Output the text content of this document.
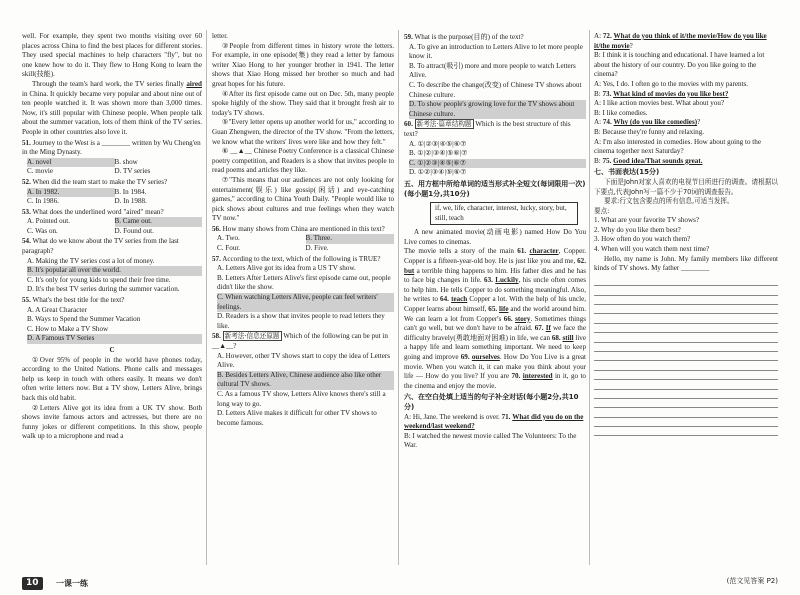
well. For example, they spent two months visiting over 60 places across China to find the best places for different stories. They used special machines to help characters "fly", but no one knew how to do it. They flew to Hong Kong to learn the skill(技能).

Through the team's hard work, the TV series finally aired in China. It quickly became very popular and about nine out of ten people watched it. It was shown more than 3,000 times. Now, it's still popular with Chinese people. When people talk about the summer vacation, lots of them think of the TV series. People in other countries also love it.

51. Journey to the West is a ________ written by Wu Cheng'en in the Ming Dynasty.

A. novel	B. show
C. movie	D. TV series

52. When did the team start to make the TV series?

A. In 1982.	B. In 1984.
C. In 1986.	D. In 1988.

53. What does the underlined word "aired" mean?

A. Pointed out.	B. Came out.
C. Was on.	D. Found out.

54. What do we know about the TV series from the last paragraph?

A. Making the TV series cost a lot of money.
B. It's popular all over the world.
C. It's only for young kids to spend their free time.
D. It's the best TV series during the summer vacation.

55. What's the best title for the text?

A. A Great Character
B. Ways to Spend the Summer Vacation
C. How to Make a TV Show
D. A Famous TV Series

C

①Over 95% of people in the world have phones today, according to the United Nations. Phone calls and messages help us keep in touch with others easily. It means we don't often write letters now. But a TV show, Letters Alive, brings back this old habit.

②Letters Alive got its idea from a UK TV show. Both shows invite famous actors and actresses, but there are no funny jokes or different competitions. In this show, people walk up to a microphone and read a

letter.

③People from different times in history wrote the letters. For example, in one episode(集) they read a letter by famous writer Xiao Hong to her younger brother in 1941. The letter shows that Xiao Hong missed her brother so much and had great hopes for his future.

④After its first episode came out on Dec. 5th, many people spoke highly of the show. They said that it brought fresh air to today's TV shows.

⑤"Every letter opens up another world for us," according to Guan Zhengwen, the director of the TV show. "From the letters, we know what the writers' lives were like and how they felt."

⑥ __▲__ Chinese Poetry Conference is a classical Chinese poetry competition, and Readers is a show that invites people to read poems and articles they like.

⑦"This means that our audiences are not only looking for entertainment(娱乐) like gossip(闲话) and eye-catching games," according to China Youth Daily. "People would like to pick shows about cultures and true feelings when they watch TV now."

56. How many shows from China are mentioned in this text?

A. Two.	B. Three.
C. Four.	D. Five.

57. According to the text, which of the following is TRUE?

A. Letters Alive got its idea from a US TV show.
B. Letters After Letters Alive's first episode came out, people didn't like the show.
C. When watching Letters Alive, people can feel writers' feelings.
D. Readers is a show that invites people to read letters they like.

58. 新考法·信息还原题 Which of the following can be put in __▲__?

A. However, other TV shows start to copy the idea of Letters Alive.
B. Besides Letters Alive, Chinese audience also like other cultural TV shows.
C. As a famous TV show, Letters Alive knows there's still a long way to go.
D. Letters Alive makes it difficult for other TV shows to become famous.

59. What is the purpose(目的) of the text?

A. To give an introduction to Letters Alive to let more people know it.
B. To attract(吸引) more and more people to watch Letters Alive.
C. To describe the change(改变) of Chinese TV shows about Chinese culture.
D. To show people's growing love for the TV shows about Chinese culture.

60. 新考法·篇章结构题 Which is the best structure of this text?

A. ①|②③|④⑤|⑥⑦
B. ①|②|③④|⑤⑥|⑦
C. ①|②③|④⑤|⑥⑦
D. ①②|③④|⑤|⑥⑦

五、用方框中所给单词的适当形式补全短文(每词限用一次)(每小题1分,共10分)

if, we, life, character, interest, lucky, story, but, still, teach

A new animated movie(动画电影) named How Do You Live comes to cinemas.

The movie tells a story of the main 61. character, Copper. Copper is a fifteen-year-old boy. He is just like you and me, 62. but a terrible thing happens to him. His father dies and he has to face big changes in life. 63. Luckily, his uncle often comes to help him. He tells Copper to do something meaningful. Also, he writes to 64. teach Copper a lot. With the help of his uncle, Copper learns about himself, 65. life and the world around him. We can learn a lot from Copper's 66. story. Sometimes things can't go well, but we don't have to be afraid. 67. If we face the difficulty bravely(勇敢地面对困难) in life, we can 68. still live a happy life and learn something important. We need to keep going and improve 69. ourselves. How Do You Live is a great movie. When you watch it, it can make you think about your life — How do you live? If you are 70. interested in it, go to the cinema and enjoy the movie.

六、在空白处填上适当的句子补全对话(每小题2分,共10分)

A: Hi, Jane. The weekend is over. 71. What did you do on the weekend/last weekend?

B: I watched the newest movie called The Volunteers: To the War.

A: 72. What do you think of it/the movie/How do you like it/the movie?

B: I think it is touching and educational. I have learned a lot about the history of our country. Do you like going to the cinema?

A: Yes, I do. I often go to the movies with my parents.

B: 73. What kind of movies do you like best?

A: I like action movies best. What about you?

B: I like comedies.

A: 74. Why (do you like comedies)?

B: Because they're funny and relaxing.

A: I'm also interested in comedies. How about going to the cinema together next Saturday?

B: 75. Good idea/That sounds great.

七、书面表达(15分)

下面是John对家人喜欢的电视节目所进行的调查。请根据以下要点,代表John写一篇不少于70词的调查报告。

要求:行文包含要点的所有信息,可适当发挥。

要点:

1. What are your favorite TV shows?

2. Why do you like them best?

3. How often do you watch them?

4. When will you watch them next time?

Hello, my name is John. My family members like different kinds of TV shows. My father ________

10	一课一练	(范文见答案 P2)
